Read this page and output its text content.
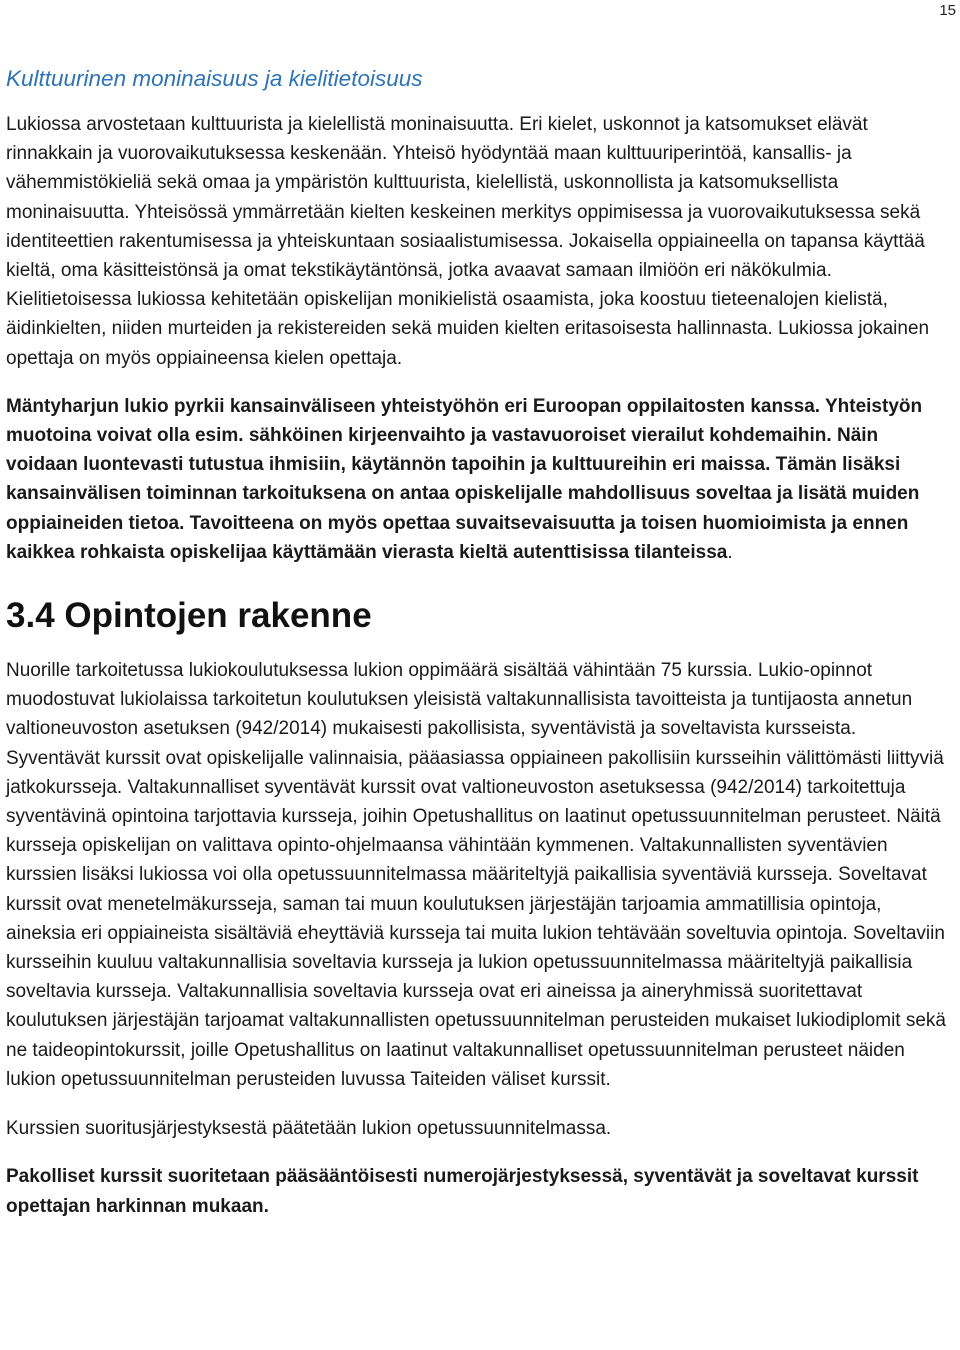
15
Kulttuurinen moninaisuus ja kielitietoisuus

Lukiossa arvostetaan kulttuurista ja kielellistä moninaisuutta. Eri kielet, uskonnot ja katsomukset elävät rinnakkain ja vuorovaikutuksessa keskenään. Yhteisö hyödyntää maan kulttuuriperintöä, kansallis- ja vähemmistökieliä sekä omaa ja ympäristön kulttuurista, kielellistä, uskonnollista ja katsomuksellista moninaisuutta. Yhteisössä ymmärretään kielten keskeinen merkitys oppimisessa ja vuorovaikutuksessa sekä identiteettien rakentumisessa ja yhteiskuntaan sosiaalistumisessa. Jokaisella oppiaineella on tapansa käyttää kieltä, oma käsitteistönsä ja omat tekstikäytäntönsä, jotka avaavat samaan ilmiöön eri näkökulmia. Kielitietoisessa lukiossa kehitetään opiskelijan monikielistä osaamista, joka koostuu tieteenalojen kielistä, äidinkielten, niiden murteiden ja rekistereiden sekä muiden kielten eritasoisesta hallinnasta. Lukiossa jokainen opettaja on myös oppiaineensa kielen opettaja.

Mäntyharjun lukio pyrkii kansainväliseen yhteistyöhön eri Euroopan oppilaitosten kanssa. Yhteistyön muotoina voivat olla esim. sähköinen kirjeenvaihto ja vastavuoroiset vierailut kohdemaihin. Näin voidaan luontevasti tutustua ihmisiin, käytännön tapoihin ja kulttuureihin eri maissa. Tämän lisäksi kansainvälisen toiminnan tarkoituksena on antaa opiskelijalle mahdollisuus soveltaa ja lisätä muiden oppiaineiden tietoa. Tavoitteena on myös opettaa suvaitsevaisuutta ja toisen huomioimista ja ennen kaikkea rohkaista opiskelijaa käyttämään vierasta kieltä autenttisissa tilanteissa.

3.4 Opintojen rakenne

Nuorille tarkoitetussa lukiokoulutuksessa lukion oppimäärä sisältää vähintään 75 kurssia. Lukio-opinnot muodostuvat lukiolaissa tarkoitetun koulutuksen yleisistä valtakunnallisista tavoitteista ja tuntijaosta annetun valtioneuvoston asetuksen (942/2014) mukaisesti pakollisista, syventävistä ja soveltavista kursseista. Syventävät kurssit ovat opiskelijalle valinnaisia, pääasiassa oppiaineen pakollisiin kursseihin välittömästi liittyviä jatkokursseja. Valtakunnalliset syventävät kurssit ovat valtioneuvoston asetuksessa (942/2014) tarkoitettuja syventävinä opintoina tarjottavia kursseja, joihin Opetushallitus on laatinut opetussuunnitelman perusteet. Näitä kursseja opiskelijan on valittava opinto-ohjelmaansa vähintään kymmenen. Valtakunnallisten syventävien kurssien lisäksi lukiossa voi olla opetussuunnitelmassa määriteltyjä paikallisia syventäviä kursseja. Soveltavat kurssit ovat menetelmäkursseja, saman tai muun koulutuksen järjestäjän tarjoamia ammatillisia opintoja, aineksia eri oppiaineista sisältäviä eheyttäviä kursseja tai muita lukion tehtävään soveltuvia opintoja. Soveltaviin kursseihin kuuluu valtakunnallisia soveltavia kursseja ja lukion opetussuunnitelmassa määriteltyjä paikallisia soveltavia kursseja. Valtakunnallisia soveltavia kursseja ovat eri aineissa ja aineryhmissä suoritettavat koulutuksen järjestäjän tarjoamat valtakunnallisten opetussuunnitelman perusteiden mukaiset lukiodiplomit sekä ne taideopintokurssit, joille Opetushallitus on laatinut valtakunnalliset opetussuunnitelman perusteet näiden lukion opetussuunnitelman perusteiden luvussa Taiteiden väliset kurssit.

Kurssien suoritusjärjestyksestä päätetään lukion opetussuunnitelmassa.

Pakolliset kurssit suoritetaan pääsääntöisesti numerojärjestyksessä, syventävät ja soveltavat kurssit opettajan harkinnan mukaan.
